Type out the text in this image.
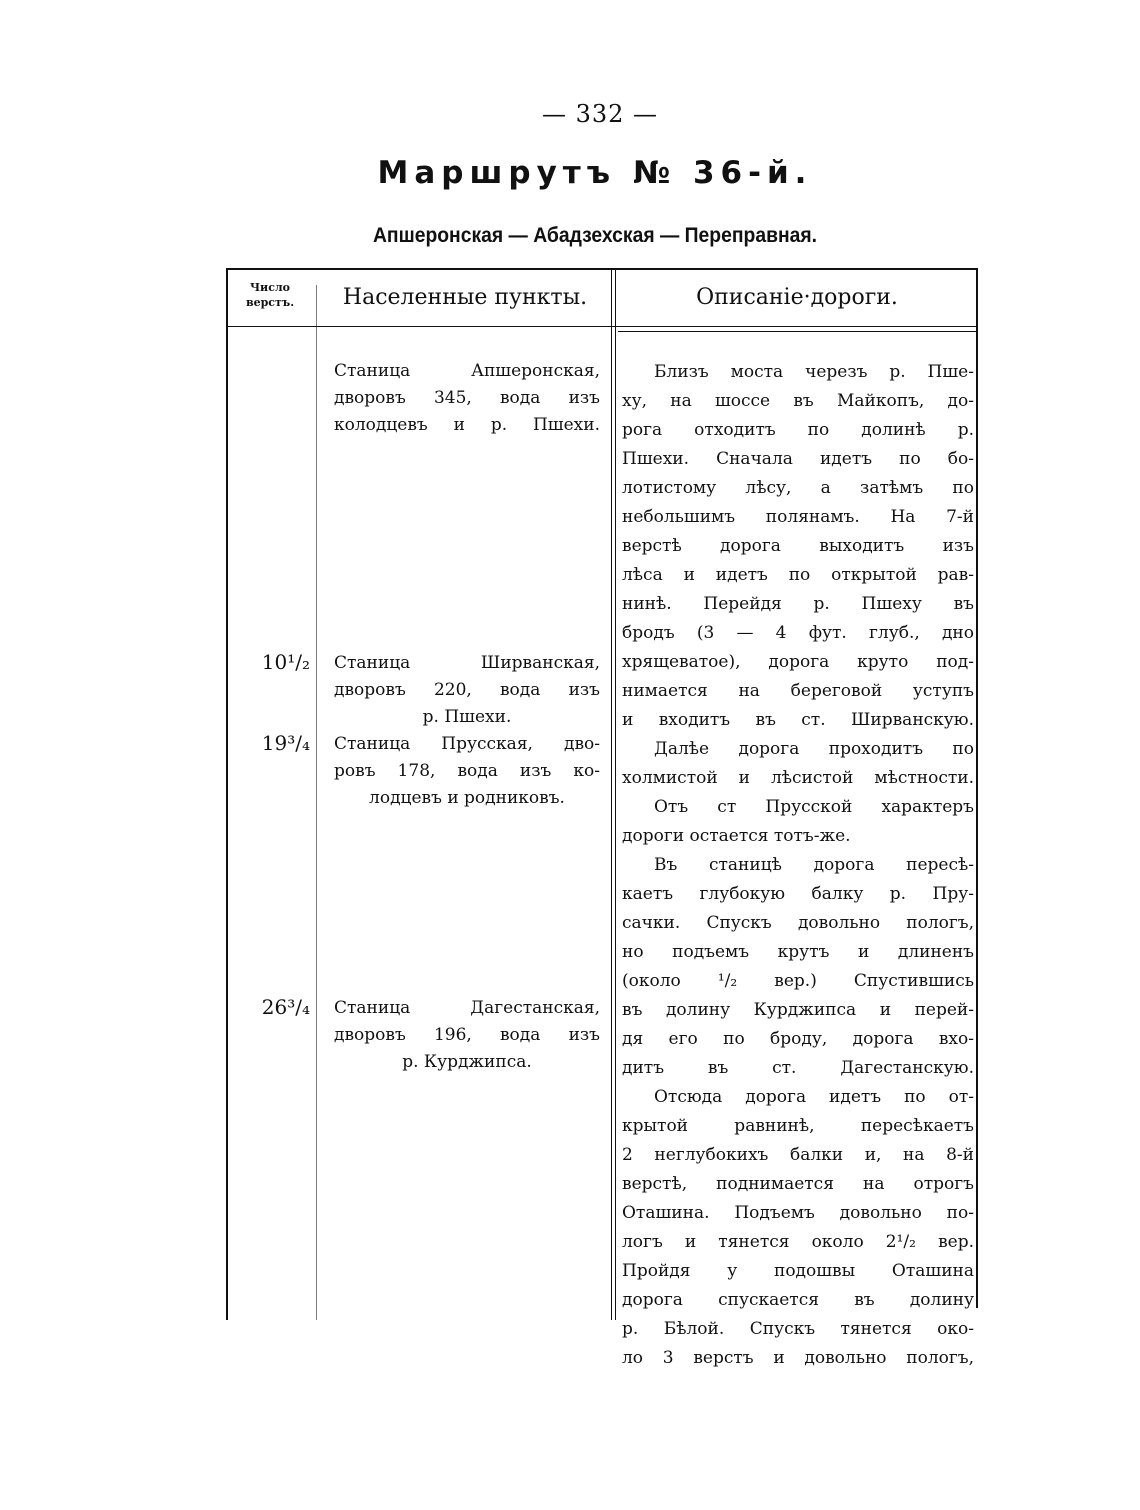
— 332 —
Маршрутъ № 36-й.
Апшеронская — Абадзехская — Переправная.
Число
верстъ.	Населенные пункты.	Описаніе·дороги.
10¹/₂
19³/₄
26³/₄
Станица Апшеронская,
дворовъ 345, вода изъ
колодцевъ и р. Пшехи.
Станица Ширванская,
дворовъ 220, вода изъ
р. Пшехи.
Станица Прусская, дво-
ровъ 178, вода изъ ко-
лодцевъ и родниковъ.
Станица Дагестанская,
дворовъ 196, вода изъ
р. Курджипса.
Близъ моста черезъ р. Пше-
ху, на шоссе въ Майкопъ, до-
рога отходитъ по долинѣ р.
Пшехи. Сначала идетъ по бо-
лотистому лѣсу, а затѣмъ по
небольшимъ полянамъ. На 7-й
верстѣ дорога выходитъ изъ
лѣса и идетъ по открытой рав-
нинѣ. Перейдя р. Пшеху въ
бродъ (3 — 4 фут. глуб., дно
хрящеватое), дорога круто под-
нимается на береговой уступъ
и входитъ въ ст. Ширванскую.
Далѣе дорога проходитъ по
холмистой и лѣсистой мѣстности.
Отъ ст Прусской характеръ
дороги остается тотъ-же.
Въ станицѣ дорога пересѣ-
каетъ глубокую балку р. Пру-
сачки. Спускъ довольно пологъ,
но подъемъ крутъ и длиненъ
(около ¹/₂ вер.) Спустившись
въ долину Курджипса и перей-
дя его по броду, дорога вхо-
дитъ въ ст. Дагестанскую.
Отсюда дорога идетъ по от-
крытой равнинѣ, пересѣкаетъ
2 неглубокихъ балки и, на 8-й
верстѣ, поднимается на отрогъ
Оташина. Подъемъ довольно по-
логъ и тянется около 2¹/₂ вер.
Пройдя у подошвы Оташина
дорога спускается въ долину
р. Бѣлой. Спускъ тянется око-
ло 3 верстъ и довольно пологъ,
